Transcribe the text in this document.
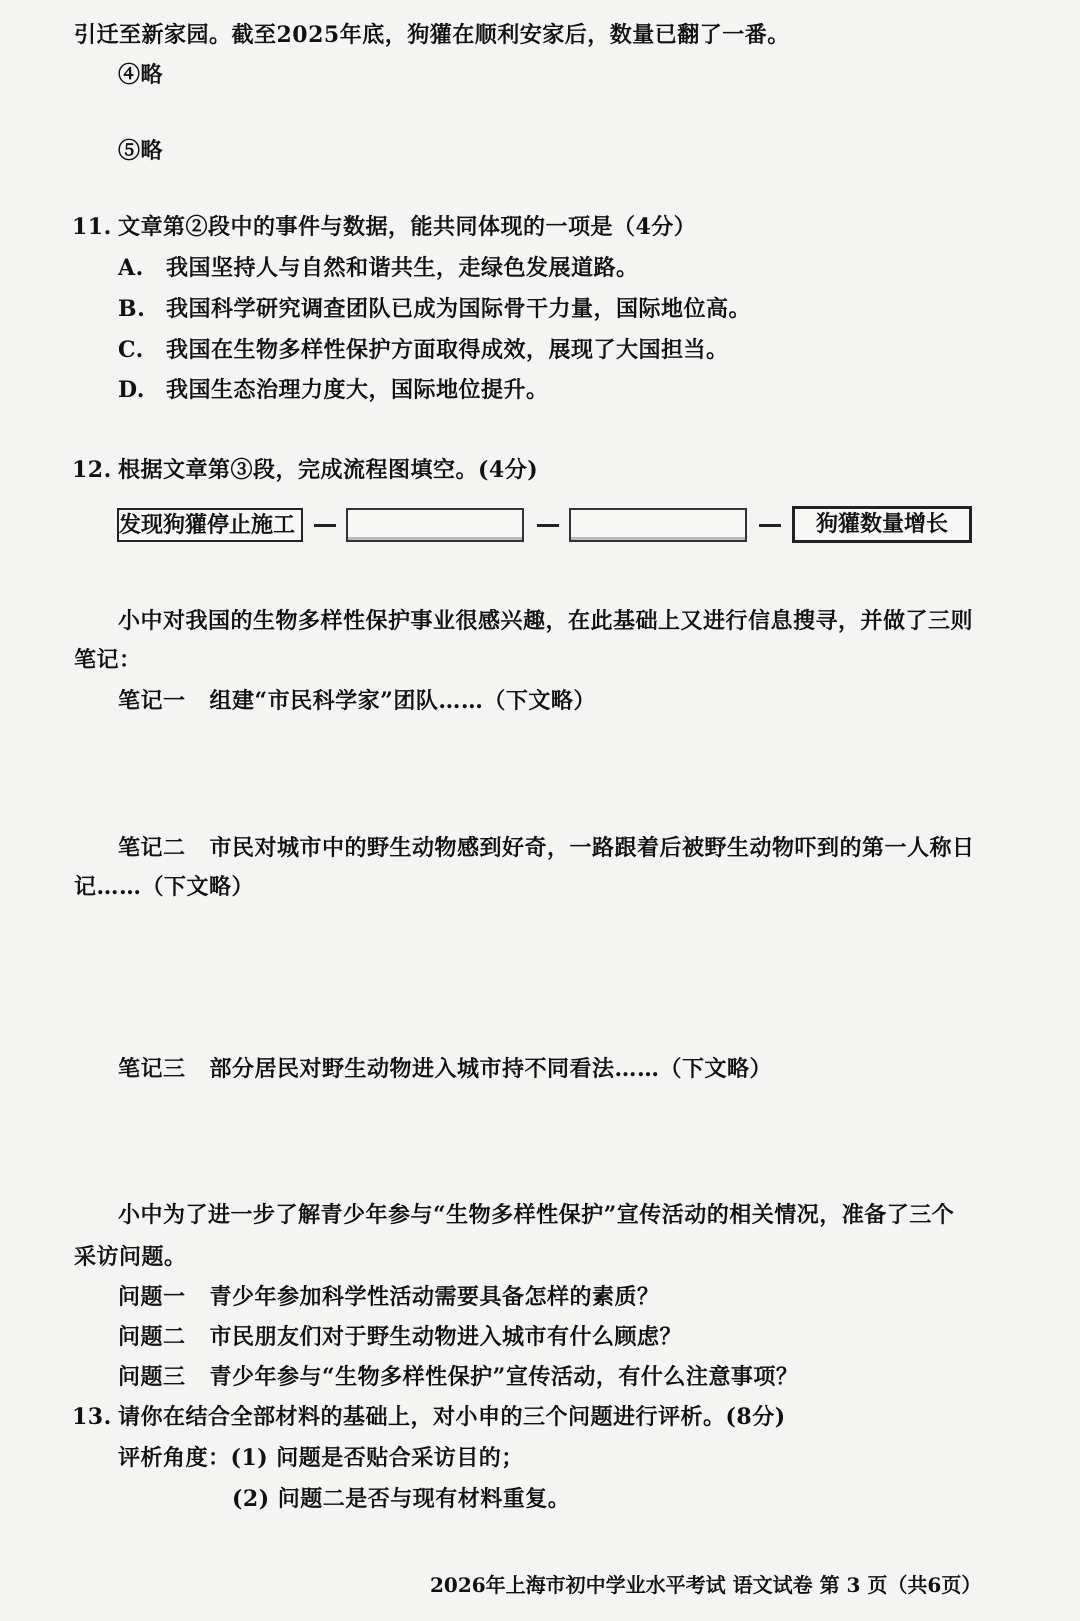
引迁至新家园。截至2025年底，狗獾在顺利安家后，数量已翻了一番。
④略
⑤略
11. 文章第②段中的事件与数据，能共同体现的一项是（4分）
A. 我国坚持人与自然和谐共生，走绿色发展道路。
B. 我国科学研究调查团队已成为国际骨干力量，国际地位高。
C. 我国在生物多样性保护方面取得成效，展现了大国担当。
D. 我国生态治理力度大，国际地位提升。
12. 根据文章第③段，完成流程图填空。(4分)
发现狗獾停止施工	狗獾数量增长
小中对我国的生物多样性保护事业很感兴趣，在此基础上又进行信息搜寻，并做了三则
笔记：
笔记一 组建“市民科学家”团队……（下文略）
笔记二 市民对城市中的野生动物感到好奇，一路跟着后被野生动物吓到的第一人称日
记……（下文略）
笔记三 部分居民对野生动物进入城市持不同看法……（下文略）
小中为了进一步了解青少年参与“生物多样性保护”宣传活动的相关情况，准备了三个
采访问题。
问题一 青少年参加科学性活动需要具备怎样的素质？
问题二 市民朋友们对于野生动物进入城市有什么顾虑？
问题三 青少年参与“生物多样性保护”宣传活动，有什么注意事项？
13. 请你在结合全部材料的基础上，对小申的三个问题进行评析。(8分)
评析角度：(1) 问题是否贴合采访目的；
(2) 问题二是否与现有材料重复。
2026年上海市初中学业水平考试 语文试卷 第 3 页（共6页）
